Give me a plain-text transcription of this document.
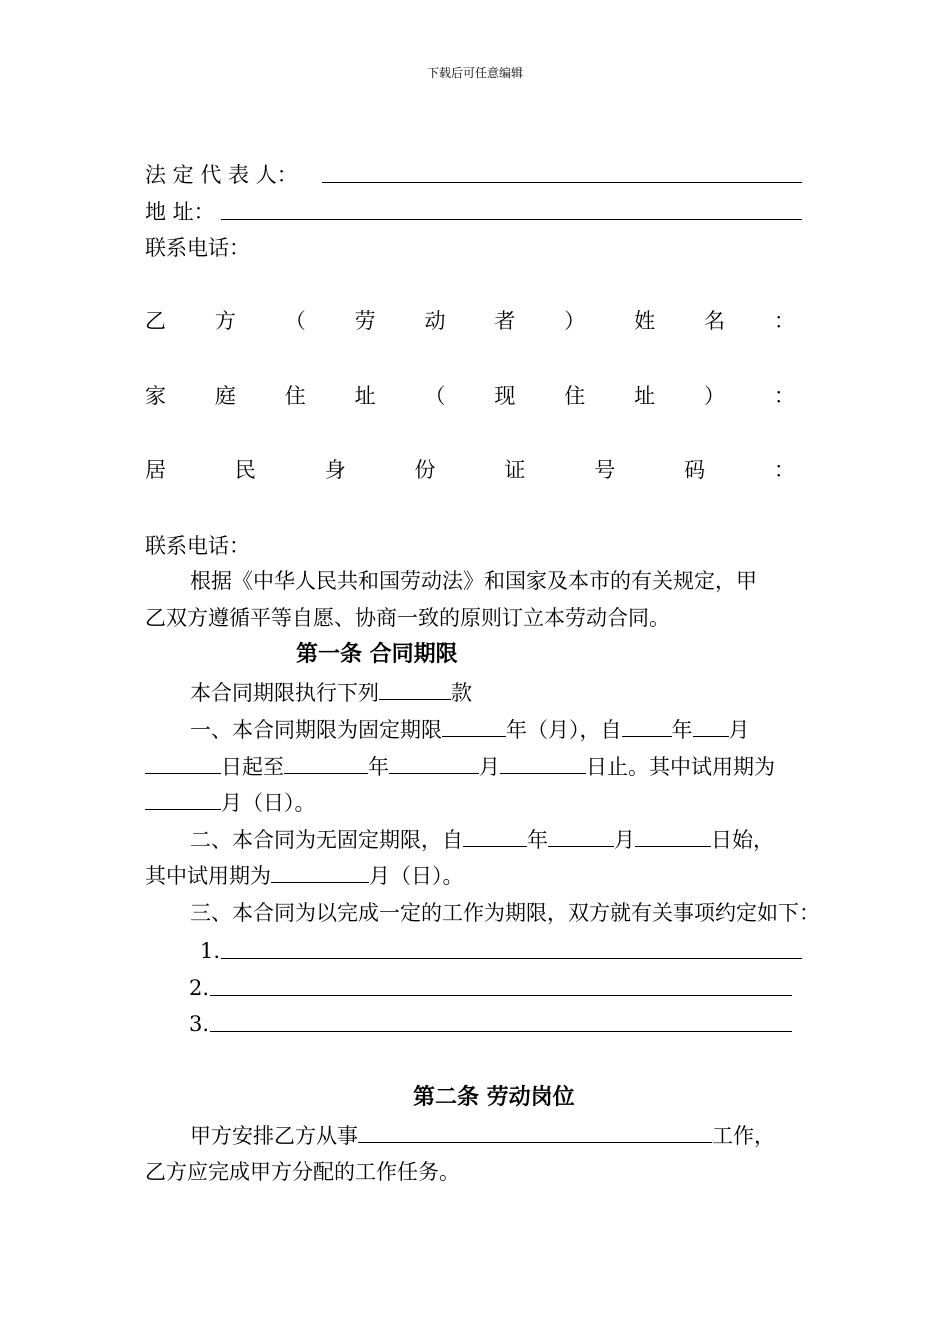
下载后可任意编辑
法 定 代 表 人：
地 址：
联系电话：
乙 方 （ 劳 动 者 ） 姓 名 ：
家 庭 住 址 （ 现 住 址 ） ：
居	民	身	份	证	号	码	：
联系电话：
根据《中华人民共和国劳动法》和国家及本市的有关规定，甲
乙双方遵循平等自愿、协商一致的原则订立本劳动合同。
第一条 合同期限
本合同期限执行下列	款
一、本合同期限为固定期限	年（月），自 年 月
日起至	年	月	日止。其中试用期为
月（日）。
二、本合同为无固定期限，自	年	月	日始，
其中试用期为	月（日）。
三、本合同为以完成一定的工作为期限，双方就有关事项约定如下：
1.
2.
3.
第二条 劳动岗位
甲方安排乙方从事	工作，
乙方应完成甲方分配的工作任务。
